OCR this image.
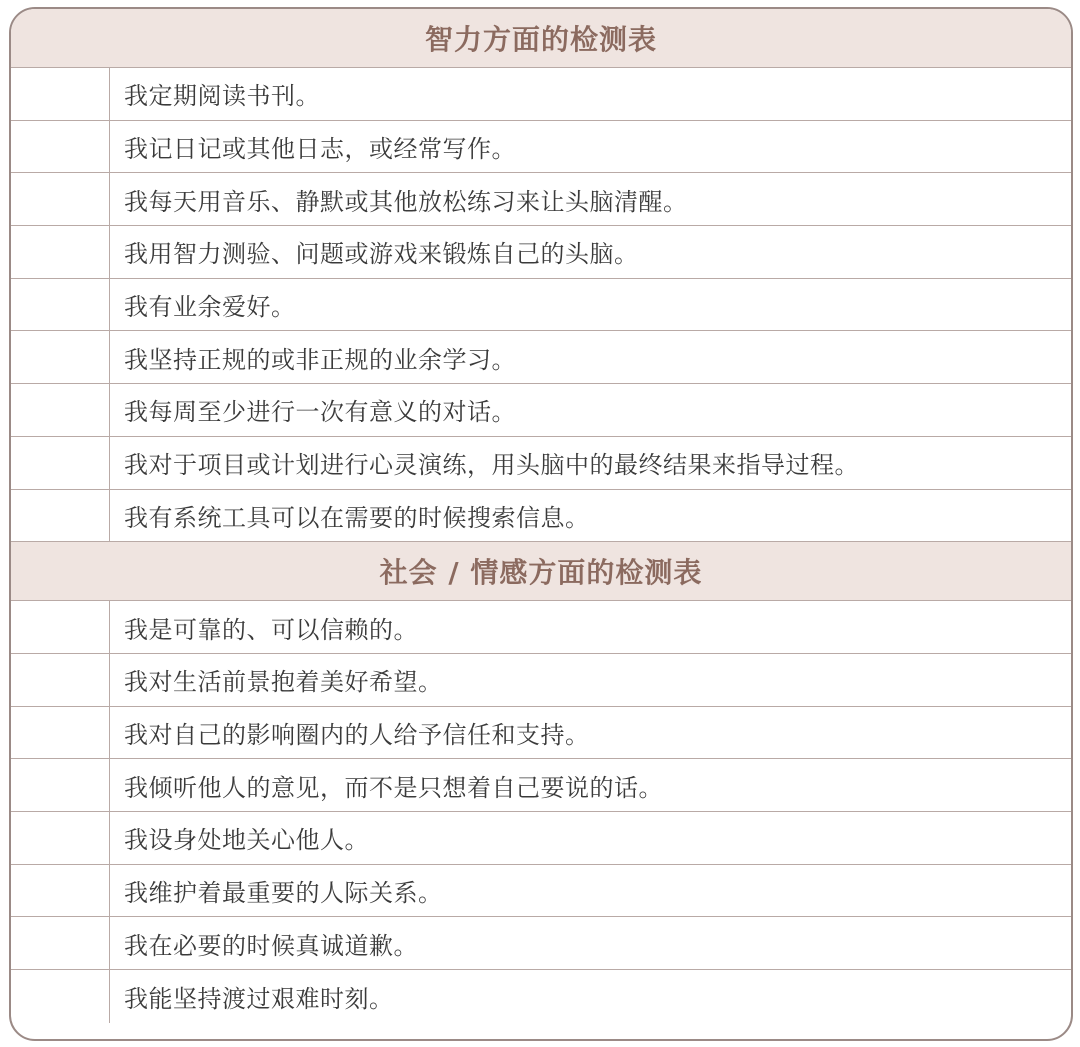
智力方面的检测表
我定期阅读书刊。
我记日记或其他日志，或经常写作。
我每天用音乐、静默或其他放松练习来让头脑清醒。
我用智力测验、问题或游戏来锻炼自己的头脑。
我有业余爱好。
我坚持正规的或非正规的业余学习。
我每周至少进行一次有意义的对话。
我对于项目或计划进行心灵演练，用头脑中的最终结果来指导过程。
我有系统工具可以在需要的时候搜索信息。
社会 / 情感方面的检测表
我是可靠的、可以信赖的。
我对生活前景抱着美好希望。
我对自己的影响圈内的人给予信任和支持。
我倾听他人的意见，而不是只想着自己要说的话。
我设身处地关心他人。
我维护着最重要的人际关系。
我在必要的时候真诚道歉。
我能坚持渡过艰难时刻。
